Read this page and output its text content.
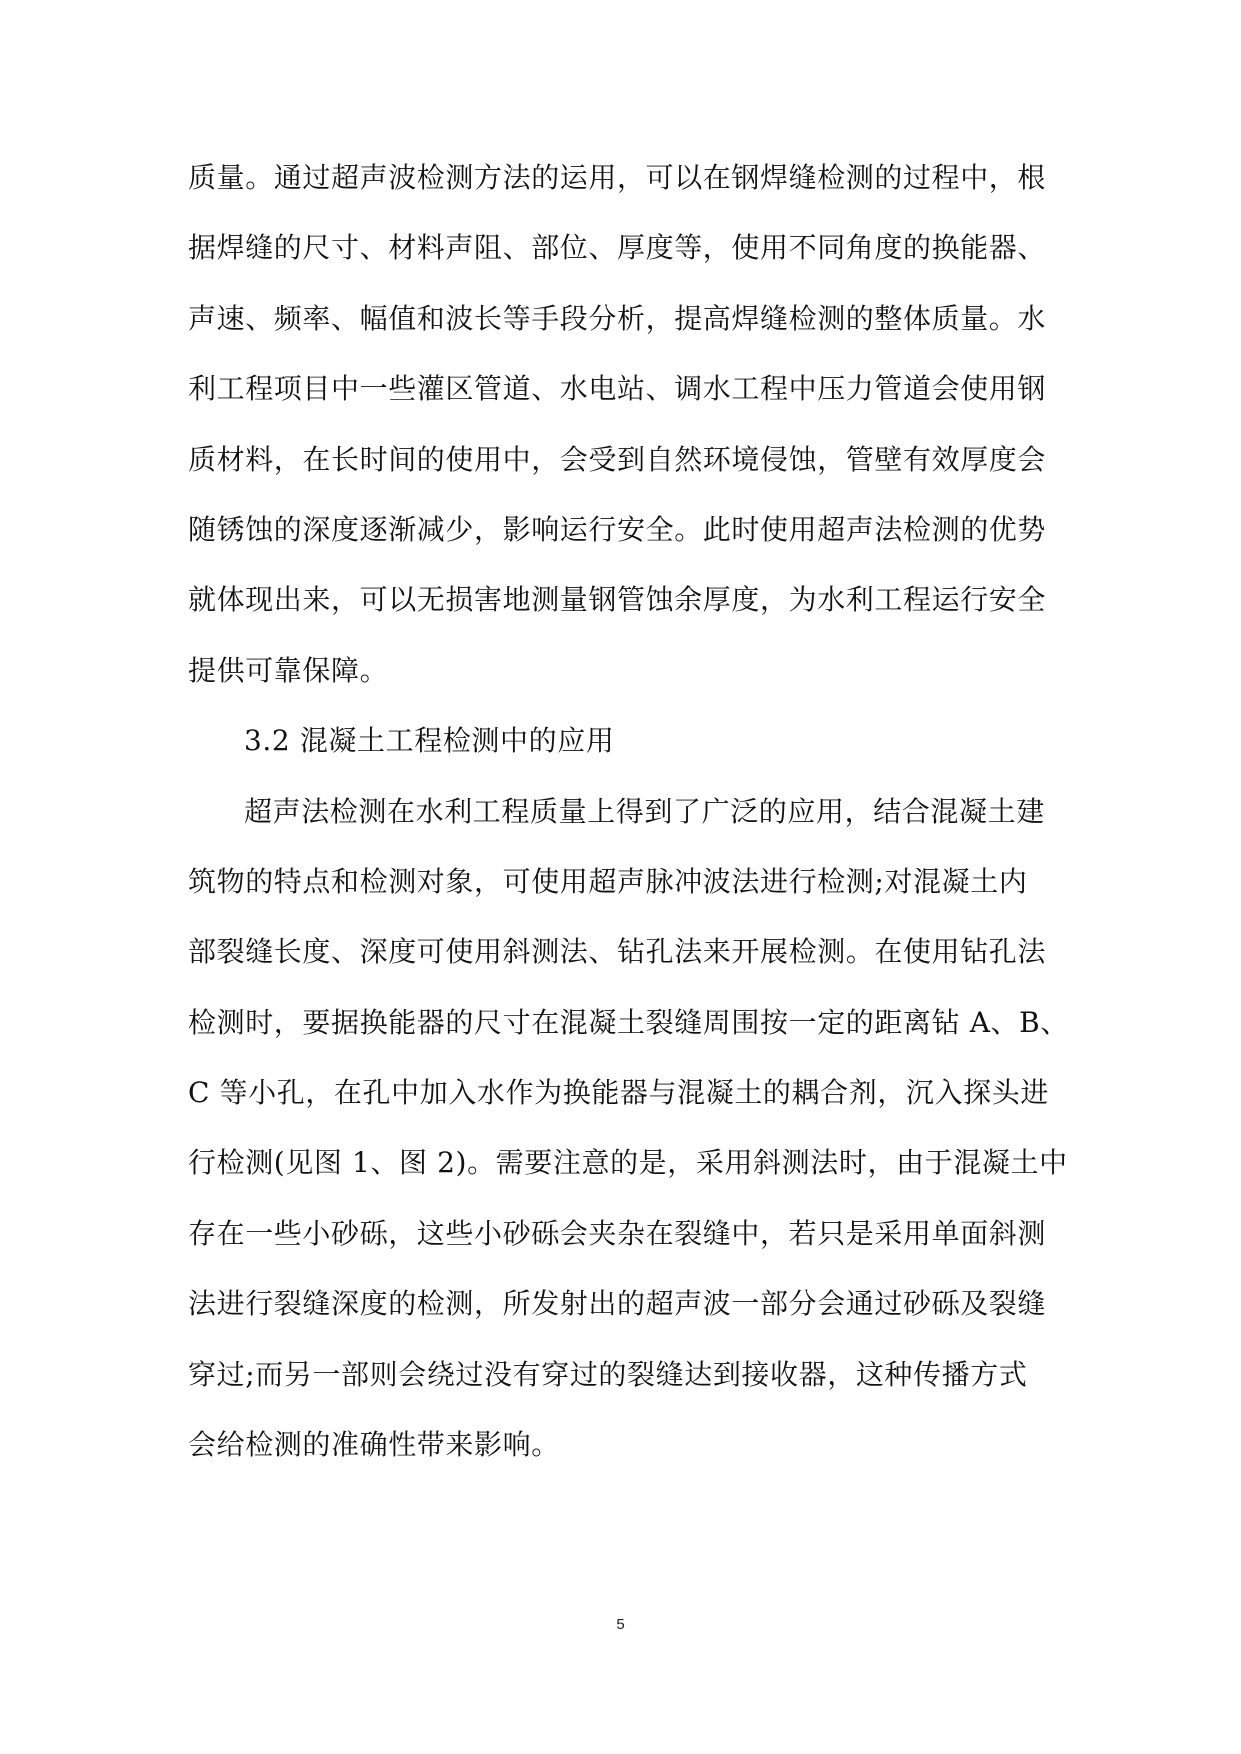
质量。通过超声波检测方法的运用，可以在钢焊缝检测的过程中，根
据焊缝的尺寸、材料声阻、部位、厚度等，使用不同角度的换能器、
声速、频率、幅值和波长等手段分析，提高焊缝检测的整体质量。水
利工程项目中一些灌区管道、水电站、调水工程中压力管道会使用钢
质材料，在长时间的使用中，会受到自然环境侵蚀，管壁有效厚度会
随锈蚀的深度逐渐减少，影响运行安全。此时使用超声法检测的优势
就体现出来，可以无损害地测量钢管蚀余厚度，为水利工程运行安全
提供可靠保障。
3.2 混凝土工程检测中的应用
超声法检测在水利工程质量上得到了广泛的应用，结合混凝土建
筑物的特点和检测对象，可使用超声脉冲波法进行检测;对混凝土内
部裂缝长度、深度可使用斜测法、钻孔法来开展检测。在使用钻孔法
检测时，要据换能器的尺寸在混凝土裂缝周围按一定的距离钻 A、B、
C 等小孔，在孔中加入水作为换能器与混凝土的耦合剂，沉入探头进
行检测(见图 1、图 2)。需要注意的是，采用斜测法时，由于混凝土中
存在一些小砂砾，这些小砂砾会夹杂在裂缝中，若只是采用单面斜测
法进行裂缝深度的检测，所发射出的超声波一部分会通过砂砾及裂缝
穿过;而另一部则会绕过没有穿过的裂缝达到接收器，这种传播方式
会给检测的准确性带来影响。
5
